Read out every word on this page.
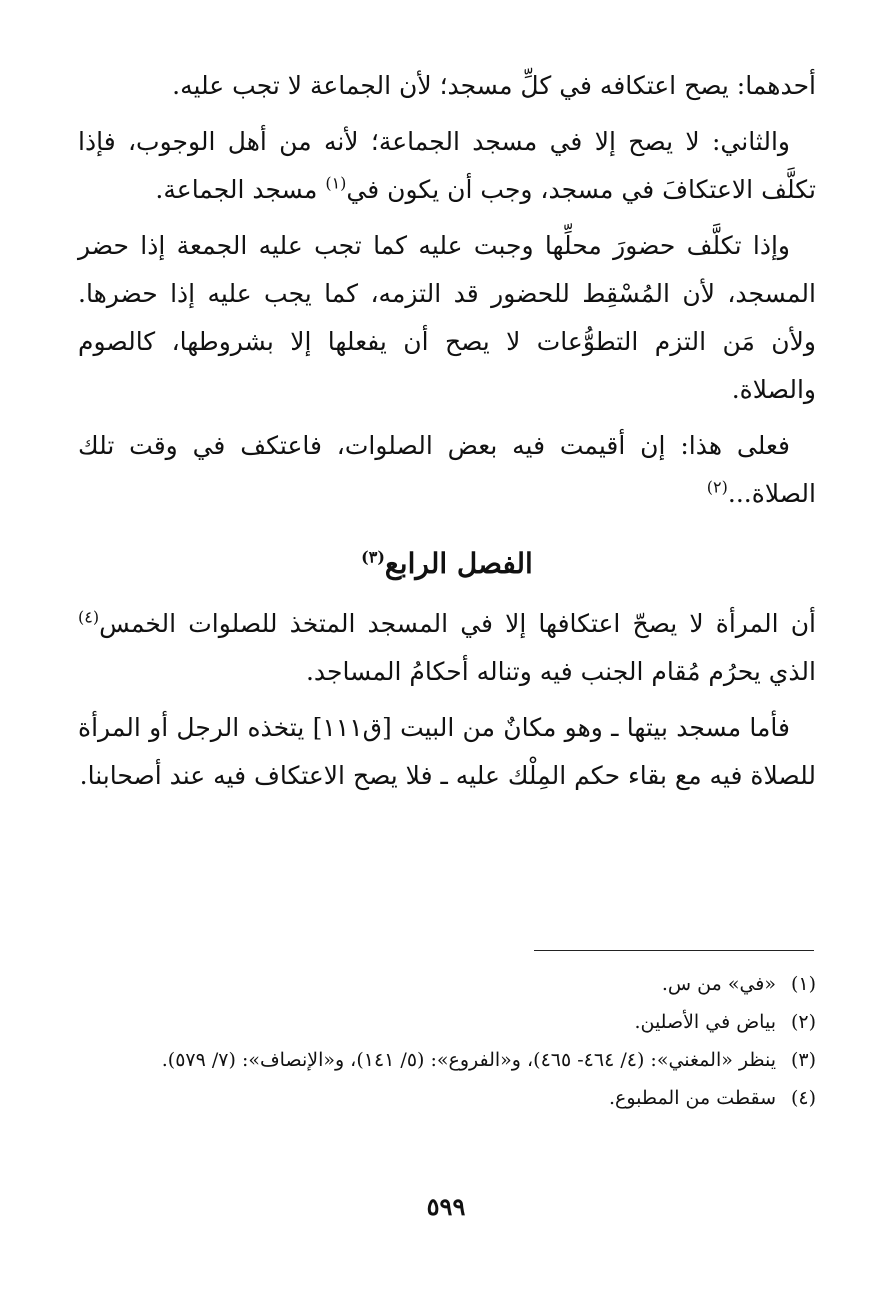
أحدهما: يصح اعتكافه في كلِّ مسجد؛ لأن الجماعة لا تجب عليه.

والثاني: لا يصح إلا في مسجد الجماعة؛ لأنه من أهل الوجوب، فإذا تكلَّف الاعتكافَ في مسجد، وجب أن يكون في$^{(١)}$ مسجد الجماعة.

وإذا تكلَّف حضورَ محلِّها وجبت عليه كما تجب عليه الجمعة إذا حضر المسجد، لأن المُسْقِط للحضور قد التزمه، كما يجب عليه إذا حضرها. ولأن مَن التزم التطوُّعات لا يصح أن يفعلها إلا بشروطها، كالصوم والصلاة.

فعلى هذا: إن أقيمت فيه بعض الصلوات، فاعتكف في وقت تلك الصلاة...$^{(٢)}$

الفصل الرابع$^{(٣)}$

أن المرأة لا يصحّ اعتكافها إلا في المسجد المتخذ للصلوات الخمس$^{(٤)}$ الذي يحرُم مُقام الجنب فيه وتناله أحكامُ المساجد.

فأما مسجد بيتها ـ وهو مكانٌ من البيت [ق١١١] يتخذه الرجل أو المرأة للصلاة فيه مع بقاء حكم المِلْك عليه ـ فلا يصح الاعتكاف فيه عند أصحابنا.

(١)
«في» من س.
(٢)
بياض في الأصلين.
(٣)
ينظر «المغني»: (٤/ ٤٦٤- ٤٦٥)، و«الفروع»: (٥/ ١٤١)، و«الإنصاف»: (٧/ ٥٧٩).
(٤)
سقطت من المطبوع.
٥٩٩
